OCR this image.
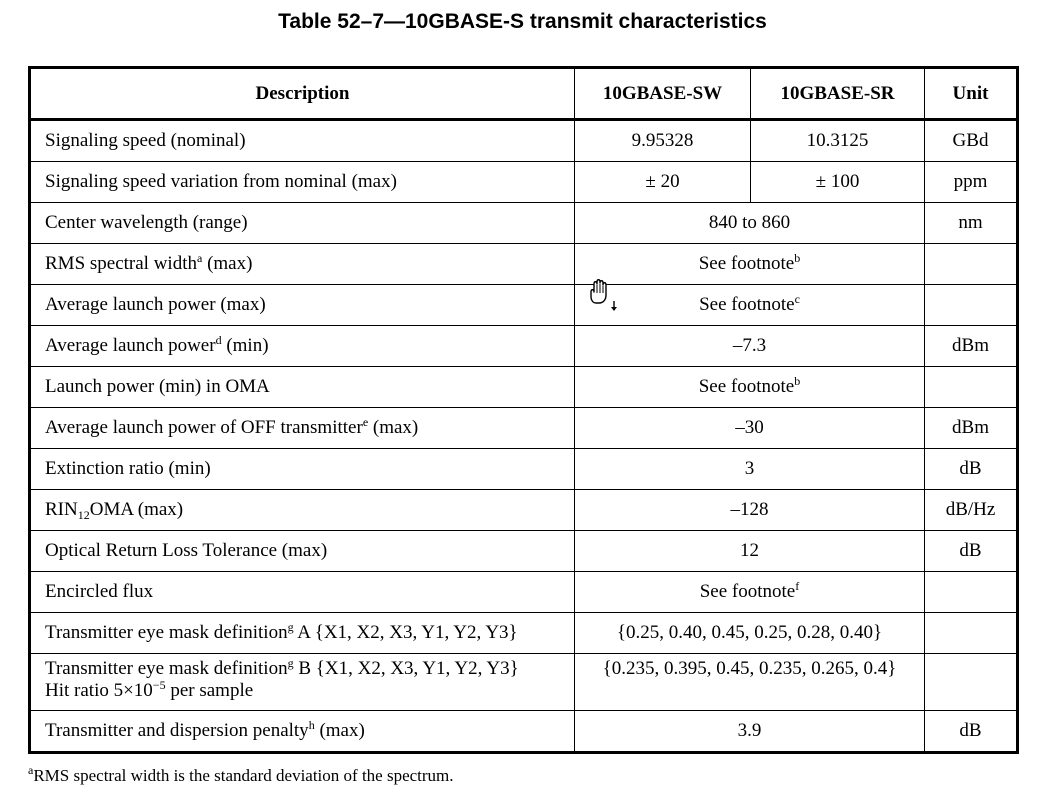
Table 52–7—10GBASE-S transmit characteristics
Description	10GBASE-SW	10GBASE-SR	Unit
Signaling speed (nominal)	9.95328	10.3125	GBd
Signaling speed variation from nominal (max)	± 20	± 100	ppm
Center wavelength (range)	840 to 860		nm
RMS spectral width$^a$ (max)	See footnote$^b$	
Average launch power (max)	See footnote$^c$	
Average launch power$^d$ (min)	–7.3		dBm
Launch power (min) in OMA	See footnote$^b$	
Average launch power of OFF transmitter$^e$ (max)	–30		dBm
Extinction ratio (min)	3		dB
$RIN_{12}OMA$ (max)	–128		dB/Hz
Optical Return Loss Tolerance (max)	12		dB
Encircled flux	See footnote$^f$	
Transmitter eye mask definition$^g$ A {X1, X2, X3, Y1, Y2, Y3}	{0.25, 0.40, 0.45, 0.25, 0.28, 0.40}		
Transmitter eye mask definition$^g$ B {X1, X2, X3, Y1, Y2, Y3}
Hit ratio $5\times 10^{-5}$ per sample	{0.235, 0.395, 0.45, 0.235, 0.265, 0.4}		
Transmitter and dispersion penalty$^h$ (max)	3.9		dB
$^a$RMS spectral width is the standard deviation of the spectrum.
